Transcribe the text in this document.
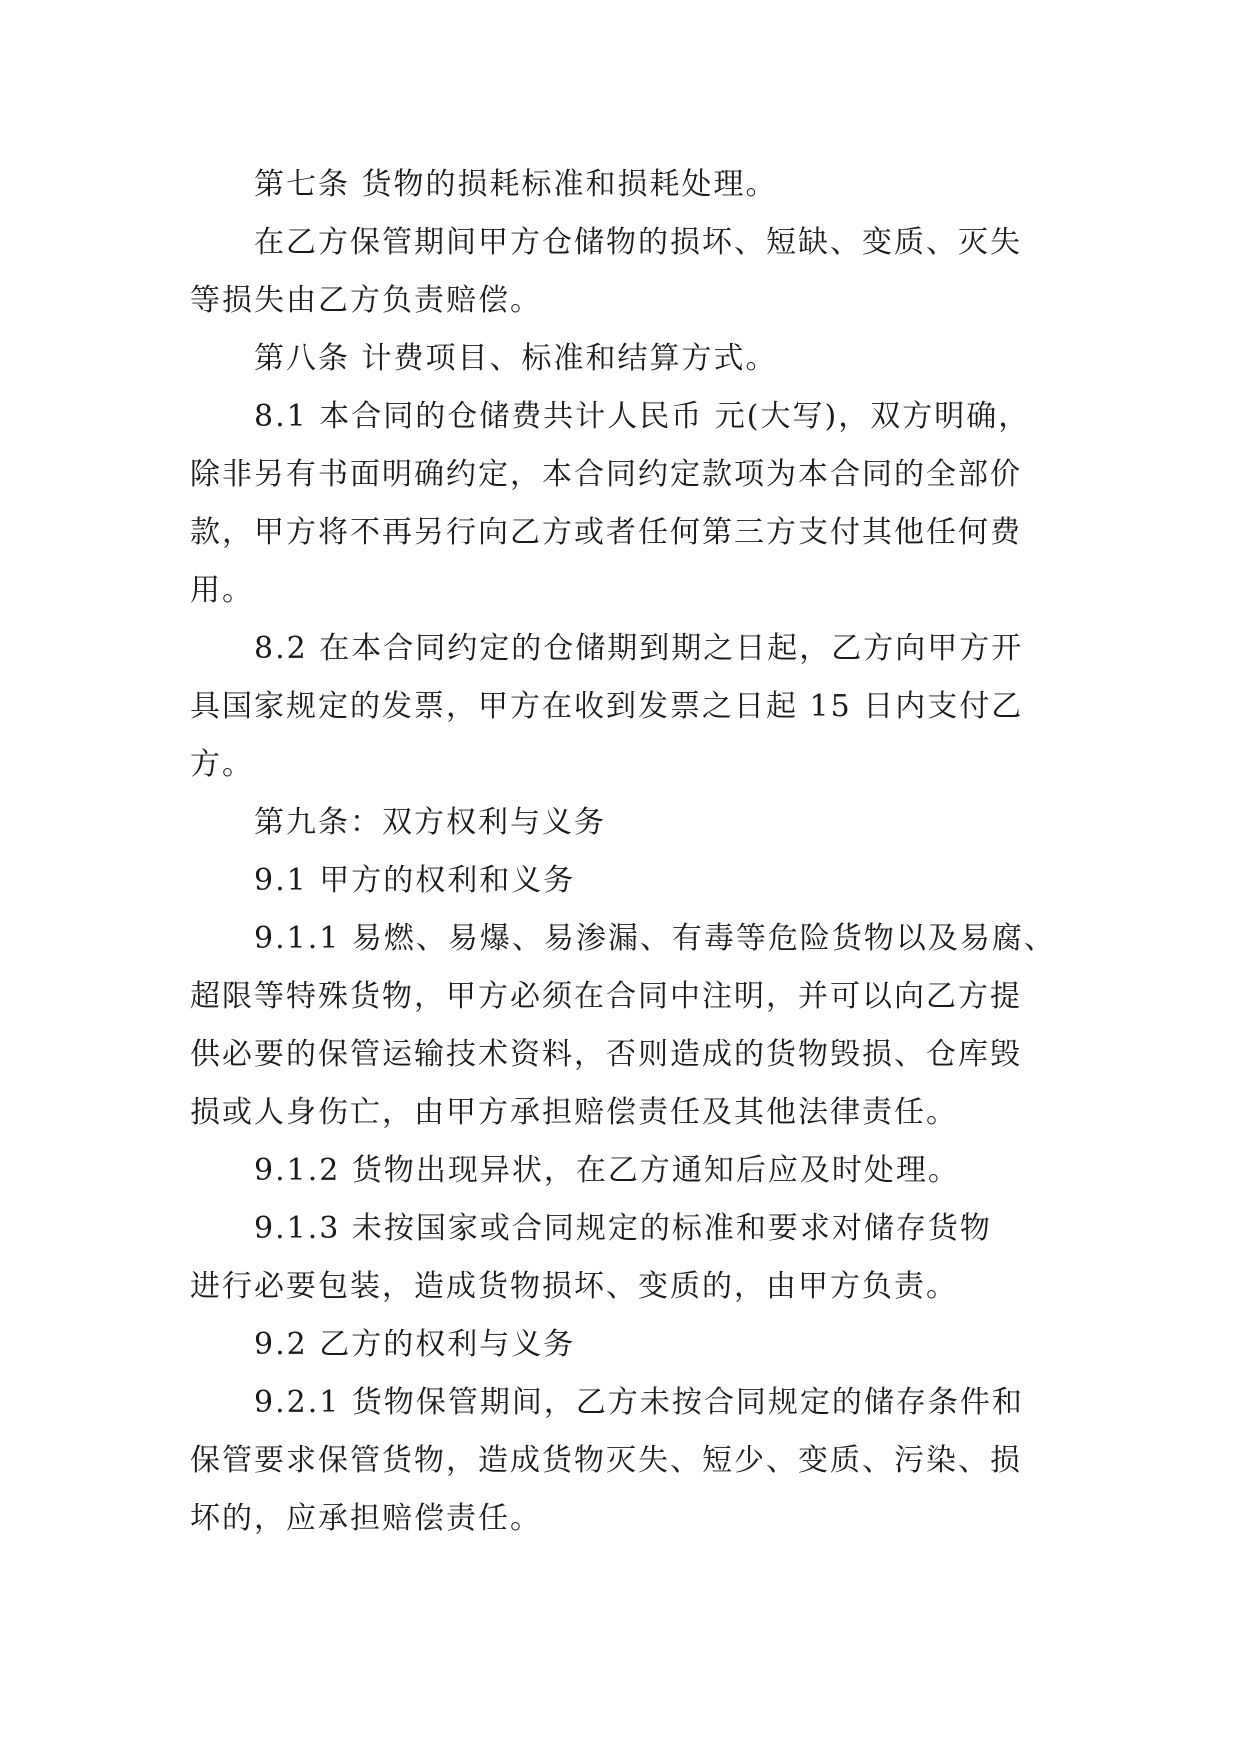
第七条 货物的损耗标准和损耗处理。

在乙方保管期间甲方仓储物的损坏、短缺、变质、灭失
等损失由乙方负责赔偿。

第八条 计费项目、标准和结算方式。

8.1 本合同的仓储费共计人民币 元(大写)，双方明确，
除非另有书面明确约定，本合同约定款项为本合同的全部价
款，甲方将不再另行向乙方或者任何第三方支付其他任何费
用。

8.2 在本合同约定的仓储期到期之日起，乙方向甲方开
具国家规定的发票，甲方在收到发票之日起 15 日内支付乙
方。

第九条：双方权利与义务

9.1 甲方的权利和义务

9.1.1 易燃、易爆、易渗漏、有毒等危险货物以及易腐、
超限等特殊货物，甲方必须在合同中注明，并可以向乙方提
供必要的保管运输技术资料，否则造成的货物毁损、仓库毁
损或人身伤亡，由甲方承担赔偿责任及其他法律责任。

9.1.2 货物出现异状，在乙方通知后应及时处理。

9.1.3 未按国家或合同规定的标准和要求对储存货物
进行必要包装，造成货物损坏、变质的，由甲方负责。

9.2 乙方的权利与义务

9.2.1 货物保管期间，乙方未按合同规定的储存条件和
保管要求保管货物，造成货物灭失、短少、变质、污染、损
坏的，应承担赔偿责任。
